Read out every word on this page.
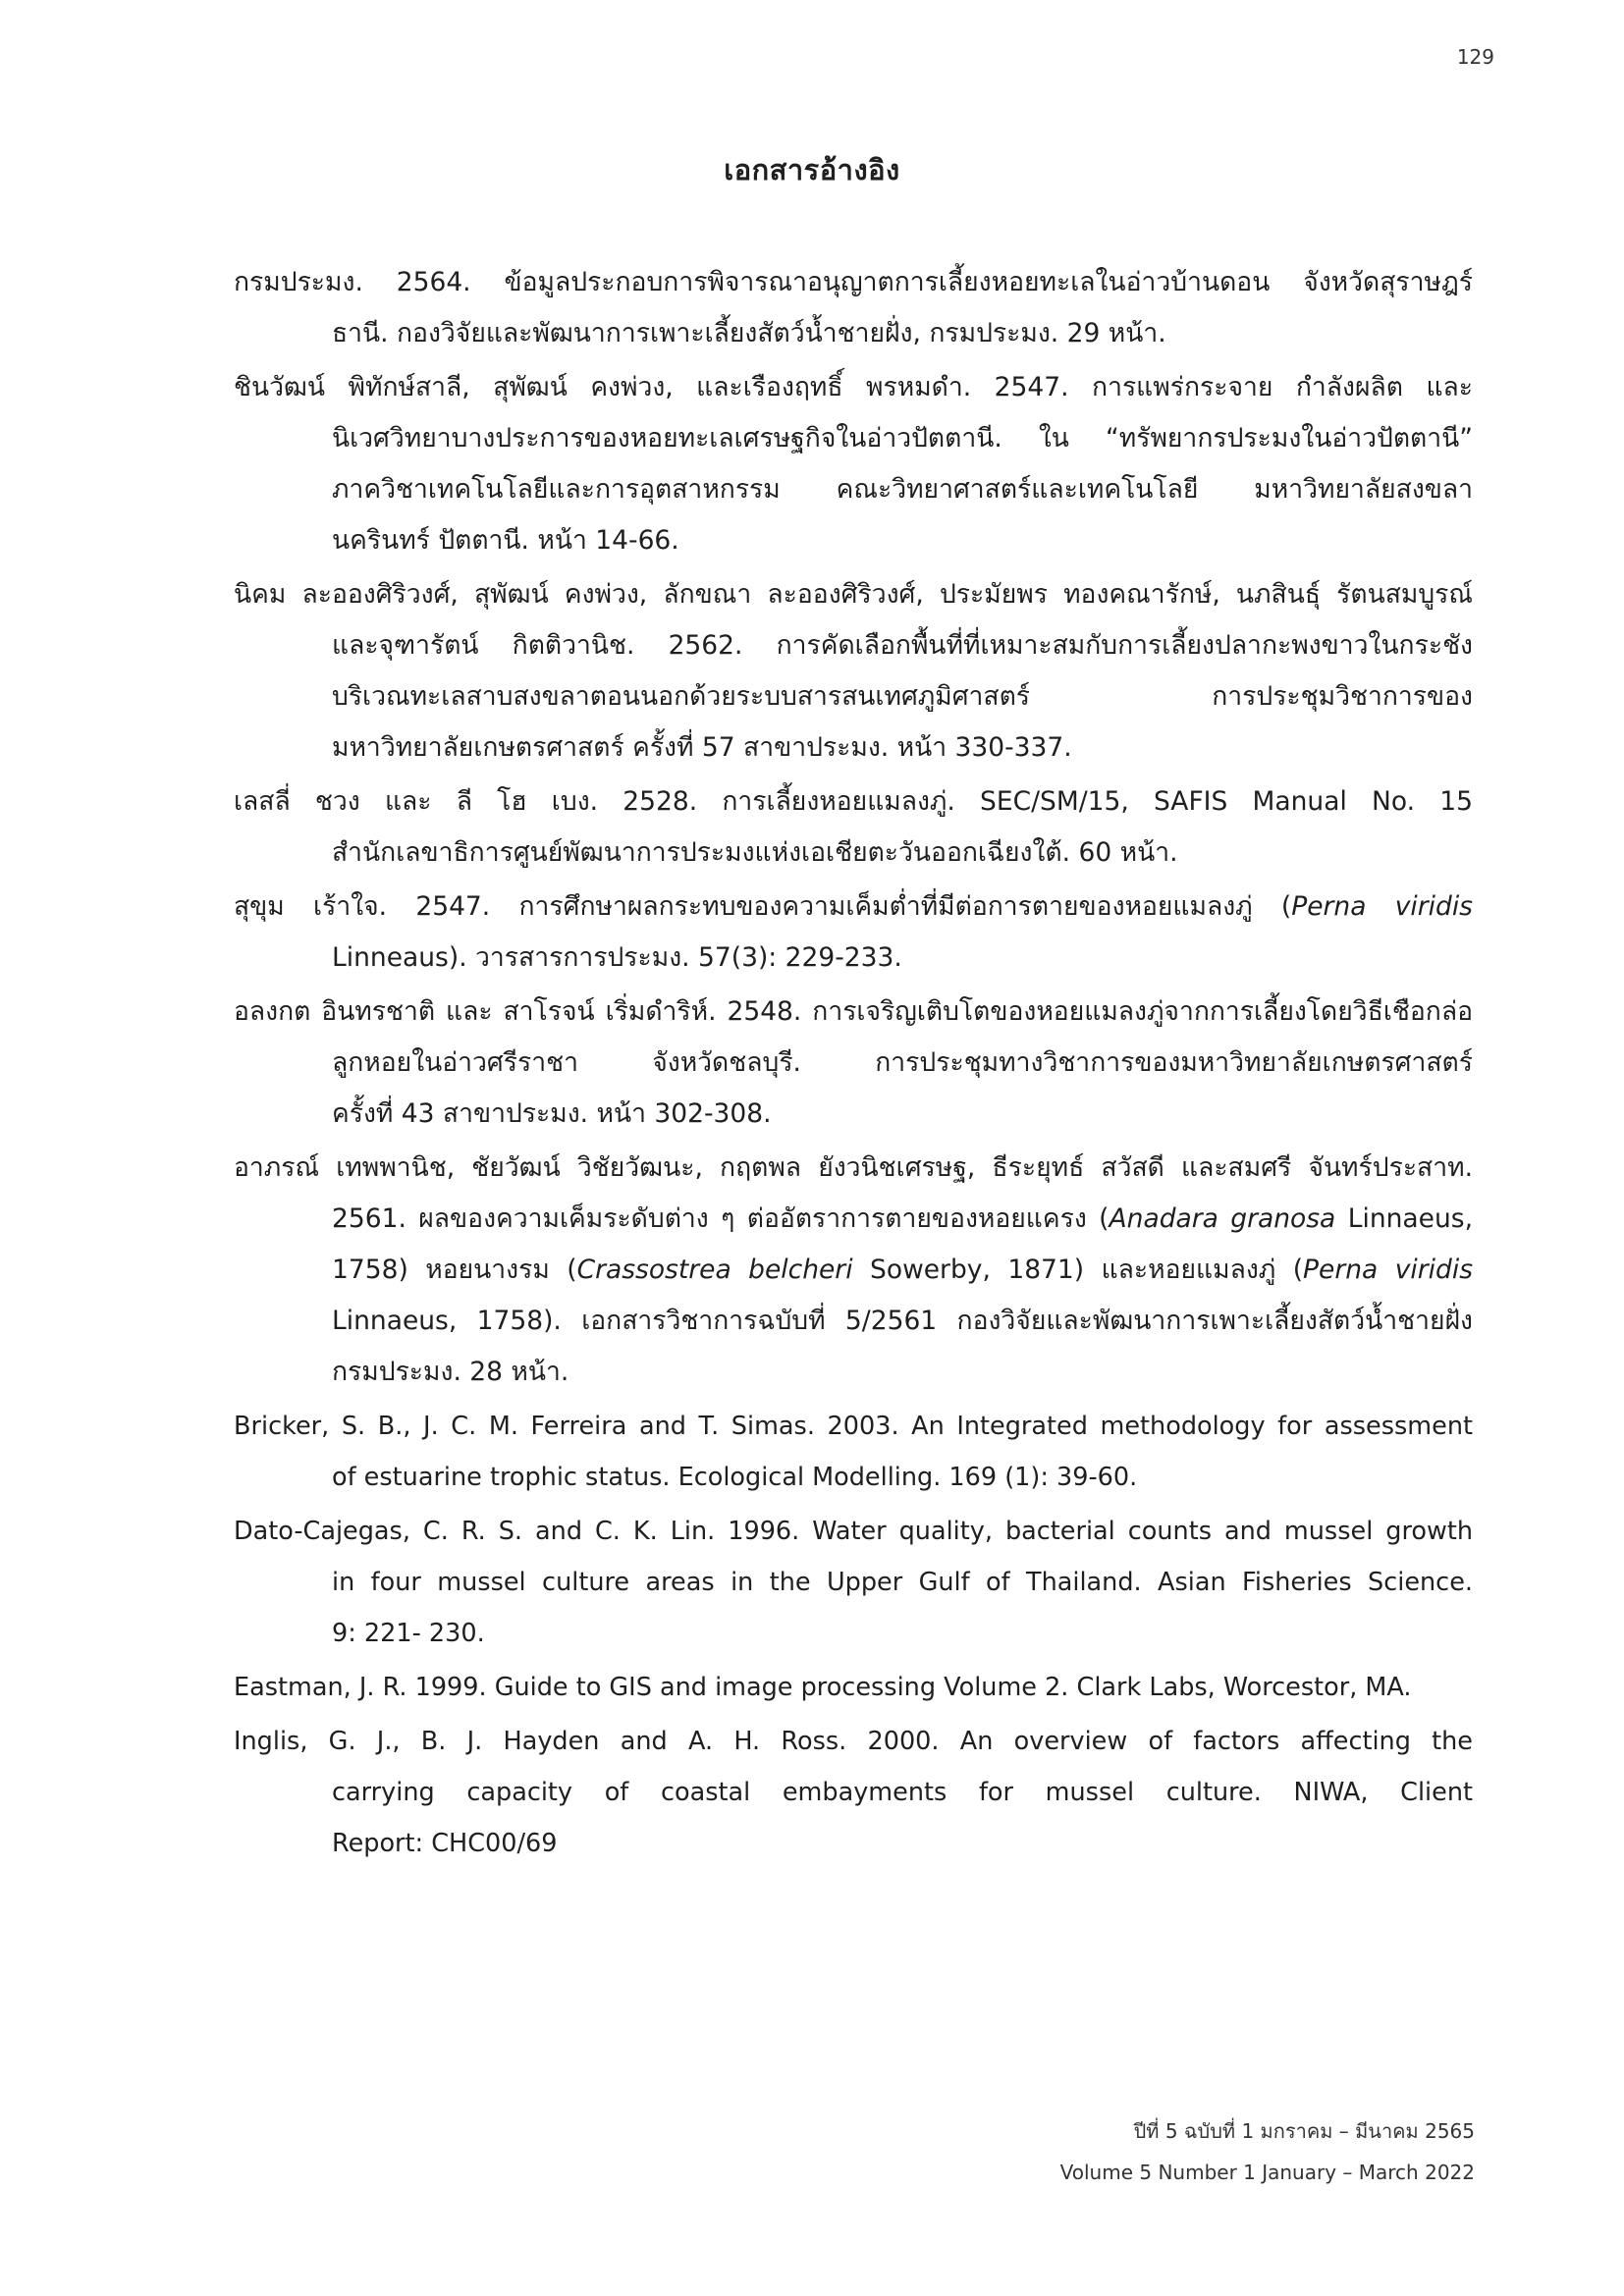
129
เอกสารอ้างอิง
กรมประมง. 2564. ข้อมูลประกอบการพิจารณาอนุญาตการเลี้ยงหอยทะเลในอ่าวบ้านดอน จังหวัดสุราษฎร์
ธานี. กองวิจัยและพัฒนาการเพาะเลี้ยงสัตว์น้ำชายฝั่ง, กรมประมง. 29 หน้า.
ชินวัฒน์ พิทักษ์สาลี, สุพัฒน์ คงพ่วง, และเรืองฤทธิ์ พรหมดำ. 2547. การแพร่กระจาย กำลังผลิต และ
นิเวศวิทยาบางประการของหอยทะเลเศรษฐกิจในอ่าวปัตตานี. ใน “ทรัพยากรประมงในอ่าวปัตตานี”
ภาควิชาเทคโนโลยีและการอุตสาหกรรม คณะวิทยาศาสตร์และเทคโนโลยี มหาวิทยาลัยสงขลา
นครินทร์ ปัตตานี. หน้า 14-66.
นิคม ละอองศิริวงศ์, สุพัฒน์ คงพ่วง, ลักขณา ละอองศิริวงศ์, ประมัยพร ทองคณารักษ์, นภสินธุ์ รัตนสมบูรณ์
และจุฑารัตน์ กิตติวานิช. 2562. การคัดเลือกพื้นที่ที่เหมาะสมกับการเลี้ยงปลากะพงขาวในกระชัง
บริเวณทะเลสาบสงขลาตอนนอกด้วยระบบสารสนเทศภูมิศาสตร์ การประชุมวิชาการของ
มหาวิทยาลัยเกษตรศาสตร์ ครั้งที่ 57 สาขาประมง. หน้า 330-337.
เลสลี่ ชวง และ ลี โฮ เบง. 2528. การเลี้ยงหอยแมลงภู่. SEC/SM/15, SAFIS Manual No. 15
สำนักเลขาธิการศูนย์พัฒนาการประมงแห่งเอเชียตะวันออกเฉียงใต้. 60 หน้า.
สุขุม เร้าใจ. 2547. การศึกษาผลกระทบของความเค็มต่ำที่มีต่อการตายของหอยแมลงภู่ (Perna viridis
Linneaus). วารสารการประมง. 57(3): 229-233.
อลงกต อินทรชาติ และ สาโรจน์ เริ่มดำริห์. 2548. การเจริญเติบโตของหอยแมลงภู่จากการเลี้ยงโดยวิธีเชือกล่อ
ลูกหอยในอ่าวศรีราชา จังหวัดชลบุรี. การประชุมทางวิชาการของมหาวิทยาลัยเกษตรศาสตร์
ครั้งที่ 43 สาขาประมง. หน้า 302-308.
อาภรณ์ เทพพานิช, ชัยวัฒน์ วิชัยวัฒนะ, กฤตพล ยังวนิชเศรษฐ, ธีระยุทธ์ สวัสดี และสมศรี จันทร์ประสาท.
2561. ผลของความเค็มระดับต่าง ๆ ต่ออัตราการตายของหอยแครง (Anadara granosa Linnaeus,
1758) หอยนางรม (Crassostrea belcheri Sowerby, 1871) และหอยแมลงภู่ (Perna viridis
Linnaeus, 1758). เอกสารวิชาการฉบับที่ 5/2561 กองวิจัยและพัฒนาการเพาะเลี้ยงสัตว์น้ำชายฝั่ง
กรมประมง. 28 หน้า.
Bricker, S. B., J. C. M. Ferreira and T. Simas. 2003. An Integrated methodology for assessment
of estuarine trophic status. Ecological Modelling. 169 (1): 39-60.
Dato-Cajegas, C. R. S. and C. K. Lin. 1996. Water quality, bacterial counts and mussel growth
in four mussel culture areas in the Upper Gulf of Thailand. Asian Fisheries Science.
9: 221- 230.
Eastman, J. R. 1999. Guide to GIS and image processing Volume 2. Clark Labs, Worcestor, MA.
Inglis, G. J., B. J. Hayden and A. H. Ross. 2000. An overview of factors affecting the
carrying capacity of coastal embayments for mussel culture. NIWA, Client
Report: CHC00/69
ปีที่ 5 ฉบับที่ 1 มกราคม – มีนาคม 2565
Volume 5 Number 1 January – March 2022
